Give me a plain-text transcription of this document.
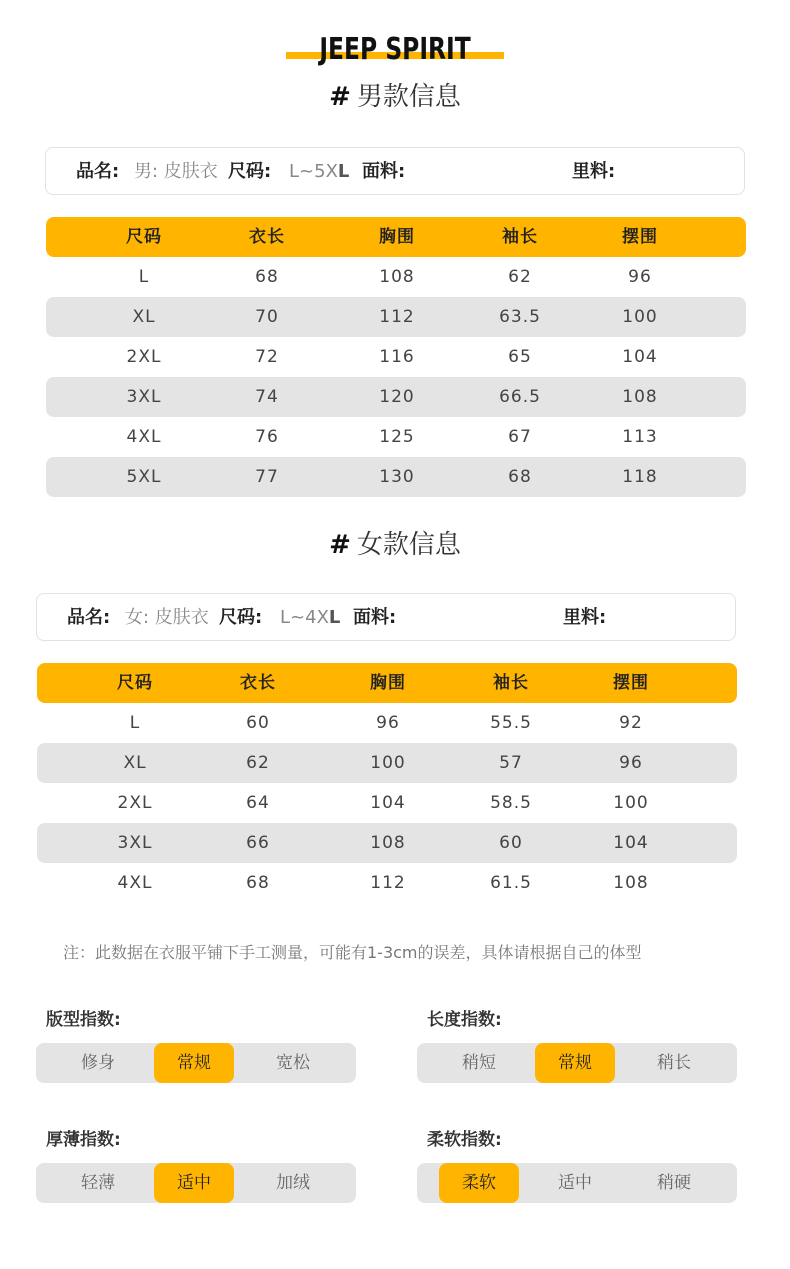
JEEP SPIRIT
# 男款信息
品名: 男: 皮肤衣 尺码: L~5XL 面料:	里料:
尺码	衣长	胸围	袖长	摆围
L	68	108	62	96
XL	70	112	63.5	100
2XL	72	116	65	104
3XL	74	120	66.5	108
4XL	76	125	67	113
5XL	77	130	68	118
# 女款信息
品名: 女: 皮肤衣 尺码: L~4XL 面料:	里料:
尺码	衣长	胸围	袖长	摆围
L	60	96	55.5	92
XL	62	100	57	96
2XL	64	104	58.5	100
3XL	66	108	60	104
4XL	68	112	61.5	108
注：此数据在衣服平铺下手工测量，可能有1-3cm的误差，具体请根据自己的体型
版型指数:
修身	常规	宽松
长度指数:
稍短	常规	稍长
厚薄指数:
轻薄	适中	加绒
柔软指数:
柔软	适中	稍硬
